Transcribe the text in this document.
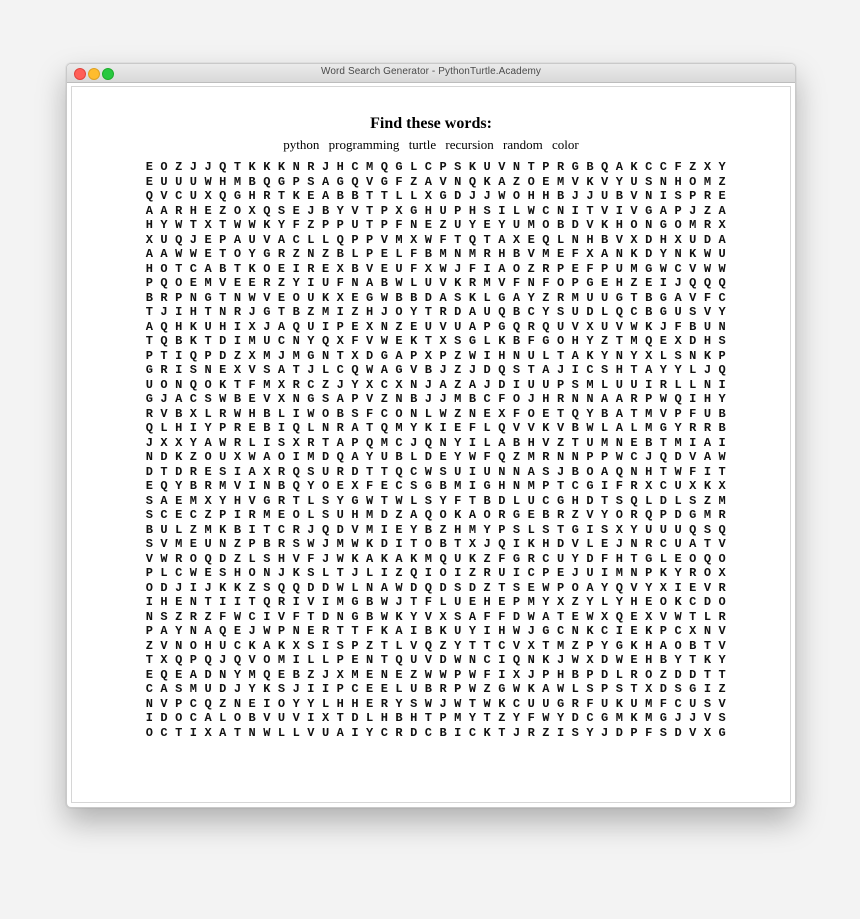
Word Search Generator - PythonTurtle.Academy
Find these words:
python programming turtle recursion random color
E O Z J J Q T K K K N R J H C M Q G L C P S K U V N T P R G B Q A K C C F Z X Y
E U U U W H M B Q G P S A G Q V G F Z A V N Q K A Z O E M V K V Y U S N H O M Z
Q V C U X Q G H R T K E A B B T T L L X G D J J W O H H B J J U B V N I S P R E
A A R H E Z O X Q S E J B Y V T P X G H U P H S I L W C N I T V I V G A P J Z A
H Y W T X T W W K Y F Z P P U T P F N E Z U Y E Y U M O B D V K H O N G O M R X
X U Q J E P A U V A C L L Q P P V M X W F T Q T A X E Q L N H B V X D H X U D A
A A W W E T O Y G R Z N Z B L P E L F B M N M R H B V M E F X A N K D Y N K W U
H O T C A B T K O E I R E X B V E U F X W J F I A O Z R P E F P U M G W C V W W
P Q O E M V E E R Z Y I U F N A B W L U V K R M V F N F O P G E H Z E I J Q Q Q
B R P N G T N W V E O U K X E G W B B D A S K L G A Y Z R M U U G T B G A V F C
T J I H T N R J G T B Z M I Z H J O Y T R D A U Q B C Y S U D L Q C B G U S V Y
A Q H K U H I X J A Q U I P E X N Z E U V U A P G Q R Q U V X U V W K J F B U N
T Q B K T D I M U C N Y Q X F V W E K T X S G L K B F G O H Y Z T M Q E X D H S
P T I Q P D Z X M J M G N T X D G A P X P Z W I H N U L T A K Y N Y X L S N K P
G R I S N E X V S A T J L C Q W A G V B J Z J D Q S T A J I C S H T A Y Y L J Q
U O N Q O K T F M X R C Z J Y X C X N J A Z A J D I U U P S M L U U I R L L N I
G J A C S W B E V X N G S A P V Z N B J J M B C F O J H R N N A A R P W Q I H Y
R V B X L R W H B L I W O B S F C O N L W Z N E X F O E T Q Y B A T M V P F U B
Q L H I Y P R E B I Q L N R A T Q M Y K I E F L Q V V K V B W L A L M G Y R R B
J X X Y A W R L I S X R T A P Q M C J Q N Y I L A B H V Z T U M N E B T M I A I
N D K Z O U X W A O I M D Q A Y U B L D E Y W F Q Z M R N N P P W C J Q D V A W
D T D R E S I A X R Q S U R D T T Q C W S U I U N N A S J B O A Q N H T W F I T
E Q Y B R M V I N B Q Y O E X F E C S G B M I G H N M P T C G I F R X C U X K X
S A E M X Y H V G R T L S Y G W T W L S Y F T B D L U C G H D T S Q L D L S Z M
S C E C Z P I R M E O L S U H M D Z A Q O K A O R G E B R Z V Y O R Q P D G M R
B U L Z M K B I T C R J Q D V M I E Y B Z H M Y P S L S T G I S X Y U U U Q S Q
S V M E U N Z P B R S W J M W K D I T O B T X J Q I K H D V L E J N R C U A T V
V W R O Q D Z L S H V F J W K A K A K M Q U K Z F G R C U Y D F H T G L E O Q O
P L C W E S H O N J K S L T J L I Z Q I O I Z R U I C P E J U I M N P K Y R O X
O D J I J K K Z S Q Q D D W L N A W D Q D S D Z T S E W P O A Y Q V Y X I E V R
I H E N T I I T Q R I V I M G B W J T F L U E H E P M Y X Z Y L Y H E O K C D O
N S Z R Z F W C I V F T D N G B W K Y V X S A F F D W A T E W X Q E X V W T L R
P A Y N A Q E J W P N E R T T F K A I B K U Y I H W J G C N K C I E K P C X N V
Z V N O H U C K A K X S I S P Z T L V Q Z Y T T C V X T M Z P Y G K H A O B T V
T X Q P Q J Q V O M I L L P E N T Q U V D W N C I Q N K J W X D W E H B Y T K Y
E Q E A D N Y M Q E B Z J X M E N E Z W W P W F I X J P H B P D L R O Z D D T T
C A S M U D J Y K S J I I P C E E L U B R P W Z G W K A W L S P S T X D S G I Z
N V P C Q Z N E I O Y Y L H H E R Y S W J W T W K C U U G R F U K U M F C U S V
I D O C A L O B V U V I X T D L H B H T P M Y T Z Y F W Y D C G M K M G J J V S
O C T I X A T N W L L V U A I Y C R D C B I C K T J R Z I S Y J D P F S D V X G
